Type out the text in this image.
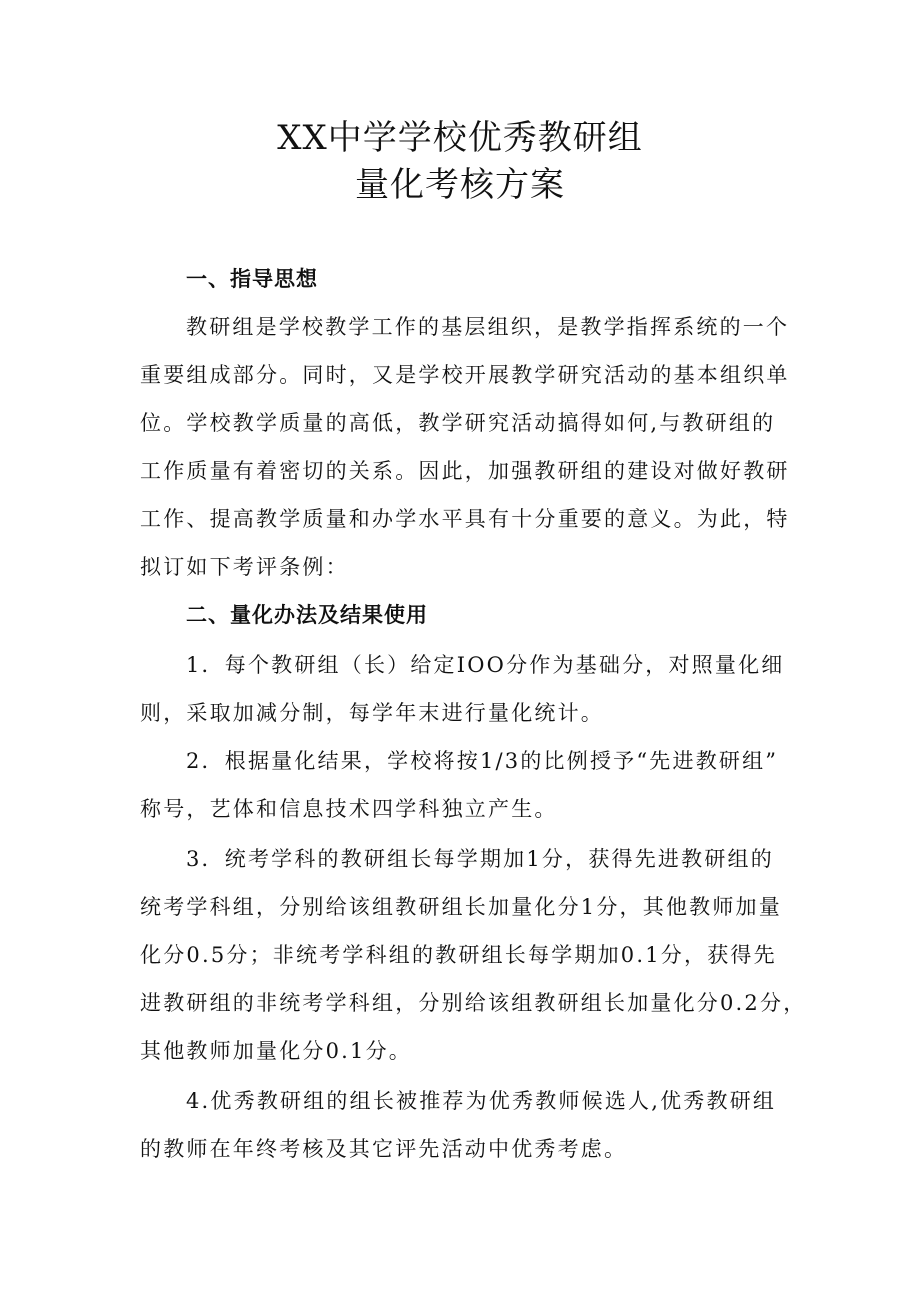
XX中学学校优秀教研组
量化考核方案
一、指导思想
教研组是学校教学工作的基层组织，是教学指挥系统的一个
重要组成部分。同时，又是学校开展教学研究活动的基本组织单
位。学校教学质量的高低，教学研究活动搞得如何,与教研组的
工作质量有着密切的关系。因此，加强教研组的建设对做好教研
工作、提高教学质量和办学水平具有十分重要的意义。为此，特
拟订如下考评条例：
二、量化办法及结果使用
1．每个教研组（长）给定IOO分作为基础分，对照量化细
则，采取加减分制，每学年末进行量化统计。
2．根据量化结果，学校将按1/3的比例授予“先进教研组”
称号，艺体和信息技术四学科独立产生。
3．统考学科的教研组长每学期加1分，获得先进教研组的
统考学科组，分别给该组教研组长加量化分1分，其他教师加量
化分0.5分；非统考学科组的教研组长每学期加0.1分，获得先
进教研组的非统考学科组，分别给该组教研组长加量化分0.2分，
其他教师加量化分0.1分。
4.优秀教研组的组长被推荐为优秀教师候选人,优秀教研组
的教师在年终考核及其它评先活动中优秀考虑。
